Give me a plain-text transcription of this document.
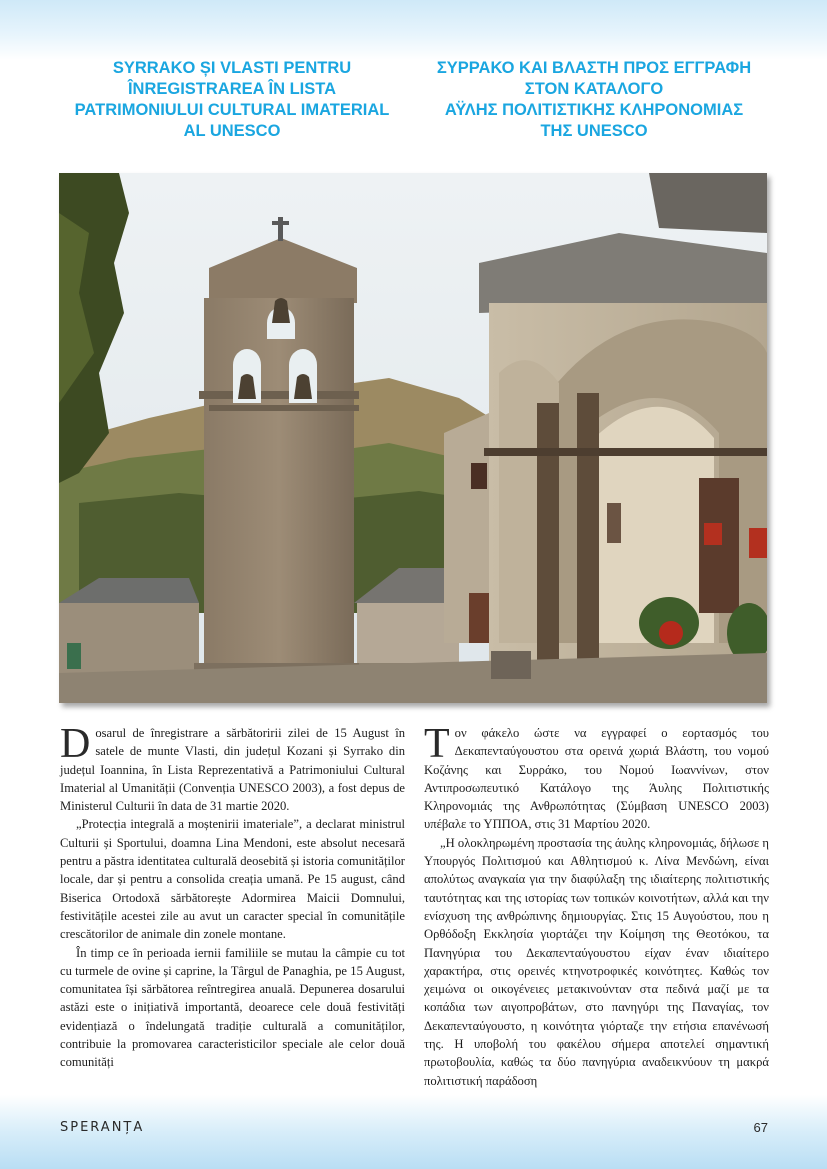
SYRRAKO ȘI VLASTI PENTRU
ÎNREGISTRAREA ÎN LISTA
PATRIMONIULUI CULTURAL IMATERIAL
AL UNESCO
ΣΥΡΡΑΚΟ ΚΑΙ ΒΛΑΣΤΗ ΠΡΟΣ ΕΓΓΡΑΦΗ
ΣΤΟΝ ΚΑΤΑΛΟΓΟ
ΑΫΛΗΣ ΠΟΛΙΤΙΣΤΙΚΗΣ ΚΛΗΡΟΝΟΜΙΑΣ
ΤΗΣ UNESCO

Dosarul de înregistrare a sărbătoririi zilei de 15 August în satele de munte Vlasti, din județul Kozani și Syrrako din județul Ioannina, în Lista Reprezentativă a Patrimoniului Cultural Imaterial al Umanității (Convenția UNESCO 2003), a fost depus de Ministerul Culturii în data de 31 martie 2020.

„Protecția integrală a moștenirii imateriale”, a declarat ministrul Culturii și Sportului, doamna Lina Mendoni, este absolut necesară pentru a păstra identitatea culturală deosebită și istoria comunităților locale, dar și pentru a consolida creația umană. Pe 15 august, când Biserica Ortodoxă sărbătorește Adormirea Maicii Domnului, festivitățile acestei zile au avut un caracter special în comunitățile crescătorilor de animale din zonele montane.

În timp ce în perioada iernii familiile se mutau la câmpie cu tot cu turmele de ovine și caprine, la Târgul de Panaghia, pe 15 August, comunitatea își sărbătorea reîntregirea anuală. Depunerea dosarului astăzi este o inițiativă importantă, deoarece cele două festivități evidențiază o îndelungată tradiție culturală a comunităților, contribuie la promovarea caracteristicilor speciale ale celor două comunități

Τον φάκελο ώστε να εγγραφεί ο εορτασμός του Δεκαπενταύγουστου στα ορεινά χωριά Βλάστη, του νομού Κοζάνης και Συρράκο, του Νομού Ιωαννίνων, στον Αντιπροσωπευτικό Κατάλογο της Άυλης Πολιτιστικής Κληρονομιάς της Ανθρωπότητας (Σύμβαση UNESCO 2003) υπέβαλε το ΥΠΠΟΑ, στις 31 Μαρτίου 2020.

„Η ολοκληρωμένη προστασία της άυλης κληρονομιάς, δήλωσε η Υπουργός Πολιτισμού και Αθλητισμού κ. Λίνα Μενδώνη, είναι απολύτως αναγκαία για την διαφύλαξη της ιδιαίτερης πολιτιστικής ταυτότητας και της ιστορίας των τοπικών κοινοτήτων, αλλά και την ενίσχυση της ανθρώπινης δημιουργίας. Στις 15 Αυγούστου, που η Ορθόδοξη Εκκλησία γιορτάζει την Κοίμηση της Θεοτόκου, τα Πανηγύρια του Δεκαπενταύγουστου είχαν έναν ιδιαίτερο χαρακτήρα, στις ορεινές κτηνοτροφικές κοινότητες. Καθώς τον χειμώνα οι οικογένειες μετακινούνταν στα πεδινά μαζί με τα κοπάδια των αιγοπροβάτων, στο πανηγύρι της Παναγίας, τον Δεκαπενταύγουστο, η κοινότητα γιόρταζε την ετήσια επανένωσή της. Η υποβολή του φακέλου σήμερα αποτελεί σημαντική πρωτοβουλία, καθώς τα δύο πανηγύρια αναδεικνύουν τη μακρά πολιτιστική παράδοση

SPERANȚA	67
